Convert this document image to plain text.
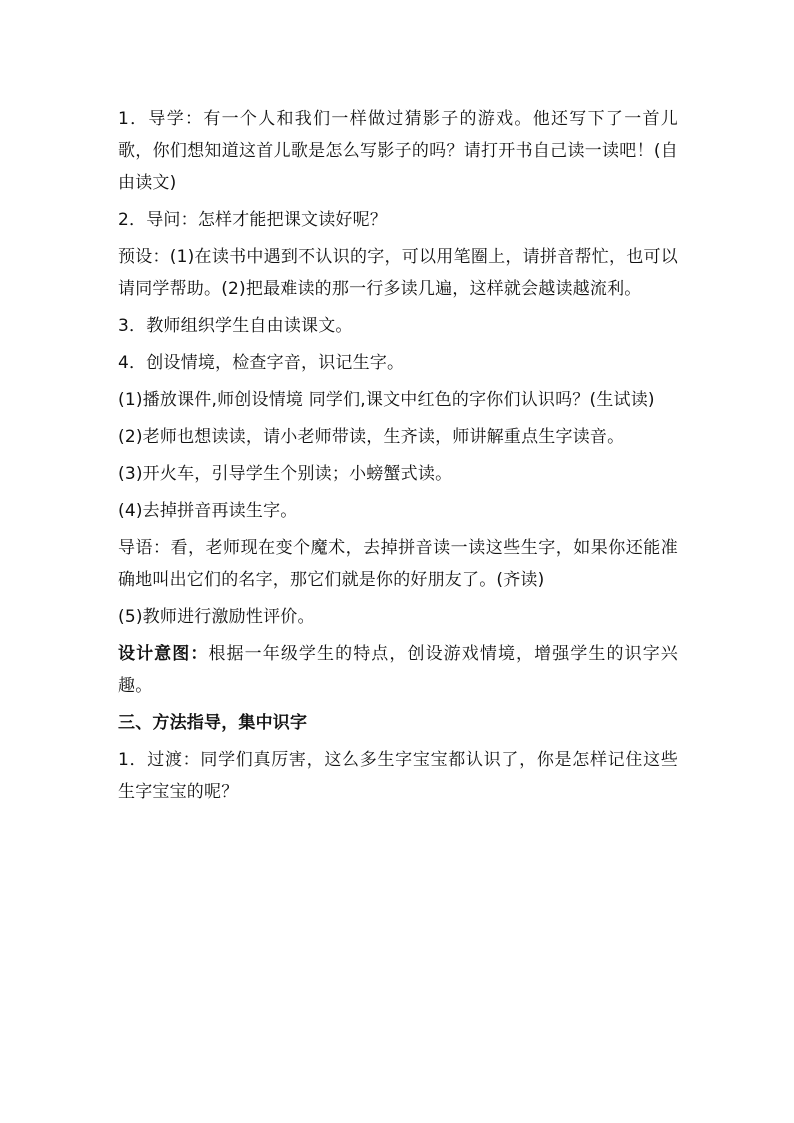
1．导学：有一个人和我们一样做过猜影子的游戏。他还写下了一首儿歌，你们想知道这首儿歌是怎么写影子的吗？请打开书自己读一读吧！(自由读文)

2．导问：怎样才能把课文读好呢？

预设：(1)在读书中遇到不认识的字，可以用笔圈上，请拼音帮忙，也可以请同学帮助。(2)把最难读的那一行多读几遍，这样就会越读越流利。

3．教师组织学生自由读课文。

4．创设情境，检查字音，识记生字。

(1)播放课件,师创设情境 同学们,课文中红色的字你们认识吗？(生试读)

(2)老师也想读读，请小老师带读，生齐读，师讲解重点生字读音。

(3)开火车，引导学生个别读；小螃蟹式读。

(4)去掉拼音再读生字。

导语：看，老师现在变个魔术，去掉拼音读一读这些生字，如果你还能准确地叫出它们的名字，那它们就是你的好朋友了。(齐读)

(5)教师进行激励性评价。

设计意图：根据一年级学生的特点，创设游戏情境，增强学生的识字兴趣。

三、方法指导，集中识字

1．过渡：同学们真厉害，这么多生字宝宝都认识了，你是怎样记住这些生字宝宝的呢？
